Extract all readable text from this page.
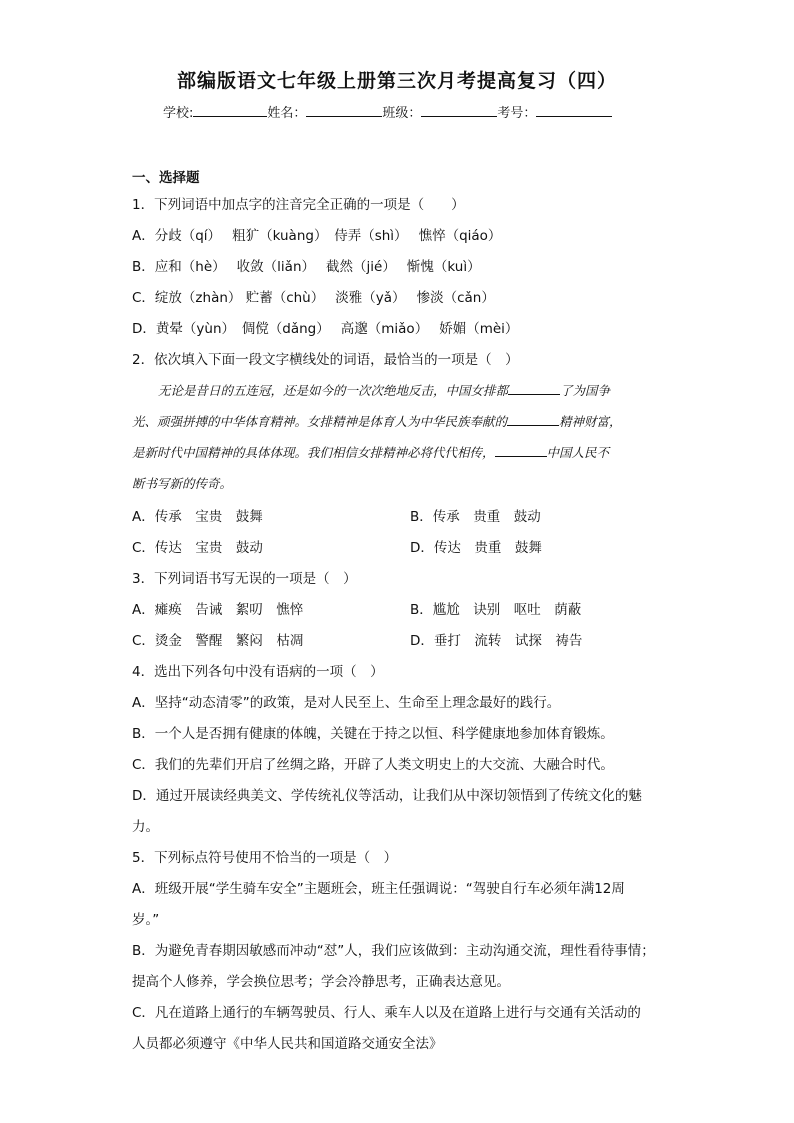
部编版语文七年级上册第三次月考提高复习（四）
学校:	姓名：	班级：	考号：
一、选择题
1．下列词语中加点字的注音完全正确的一项是（　　）
A．分歧（qí）　 粗犷（kuàng）　侍弄（shì）　 憔悴（qiáo）
B．应和（hè）　 收敛（liǎn）　 截然（jié）　 惭愧（kuì）
C．绽放（zhàn） 贮蓄（chù）　 淡雅（yǎ）　 惨淡（cǎn）
D．黄晕（yùn）　倜傥（dǎng）　 高邈（miǎo）　 娇媚（mèi）
2．依次填入下面一段文字横线处的词语，最恰当的一项是（　）
无论是昔日的五连冠，还是如今的一次次绝地反击，中国女排都	了为国争
光、顽强拼搏的中华体育精神。女排精神是体育人为中华民族奉献的	精神财富，
是新时代中国精神的具体体现。我们相信女排精神必将代代相传，	中国人民不
断书写新的传奇。
A．传承　宝贵　鼓舞	B．传承　贵重　鼓动
C．传达　宝贵　鼓动	D．传达　贵重　鼓舞
3．下列词语书写无误的一项是（　）
A．瘫痪　告诫　絮叨　憔悴	B．尴尬　诀别　呕吐　荫蔽
C．烫金　警醒　繁闷　枯凋	D．垂打　流转　试探　祷告
4．选出下列各句中没有语病的一项（　）
A．坚持“动态清零”的政策，是对人民至上、生命至上理念最好的践行。
B．一个人是否拥有健康的体魄，关键在于持之以恒、科学健康地参加体育锻炼。
C．我们的先辈们开启了丝绸之路，开辟了人类文明史上的大交流、大融合时代。
D．通过开展读经典美文、学传统礼仪等活动，让我们从中深切领悟到了传统文化的魅
力。
5．下列标点符号使用不恰当的一项是（　）
A．班级开展“学生骑车安全”主题班会，班主任强调说：“驾驶自行车必须年满12周
岁。”
B．为避免青春期因敏感而冲动“怼”人，我们应该做到：主动沟通交流，理性看待事情；
提高个人修养，学会换位思考；学会冷静思考，正确表达意见。
C．凡在道路上通行的车辆驾驶员、行人、乘车人以及在道路上进行与交通有关活动的
人员都必须遵守《中华人民共和国道路交通安全法》
